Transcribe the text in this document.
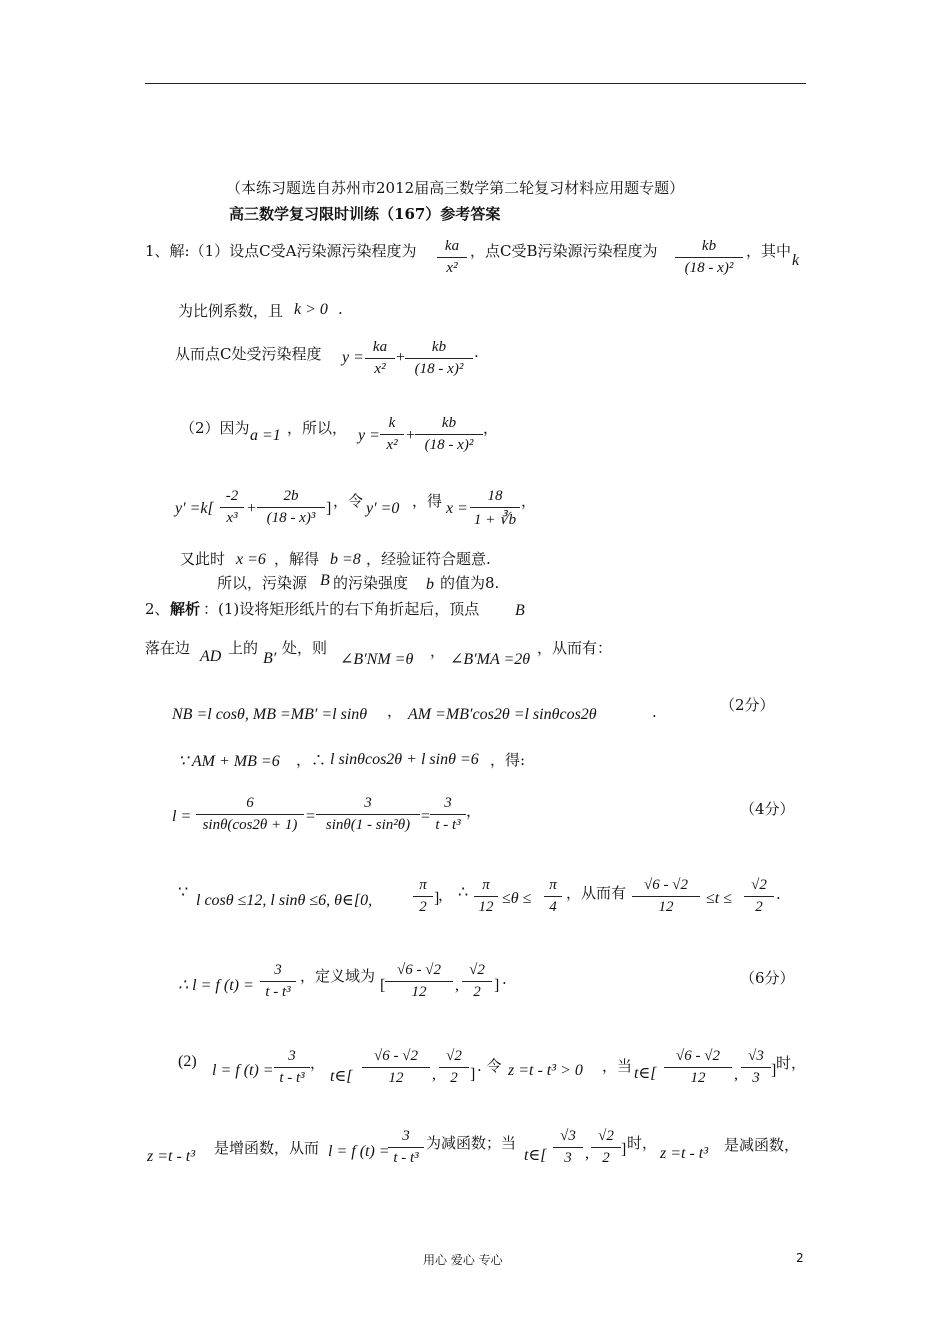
（本练习题选自苏州市2012届高三数学第二轮复习材料应用题专题）
高三数学复习限时训练（167）参考答案
1、解:（1）设点C受A污染源污染程度为 $\frac{ka}{\text{x²}}$ ，点C受B污染源污染程度为 $\frac{kb}{\text{(18 - x)²}}$ ，其中
k
为比例系数，且 k > 0 .
从而点C处受污染程度 $y = \frac{ka}{\text{x²}} + \frac{kb}{\text{(18 - x)²}}$ .
（2）因为 a =1 ，所以， $y = \frac{k}{\text{x²}} + \frac{kb}{\text{(18 - x)²}}$ ，
$y' =k[ \frac{-2}{\text{x³}} + \frac{2b}{\text{(18 - x)³}}$ ] ，令 y′ =0 ，得 $x = \frac{18}{1 + ∛b}$ ，
又此时 x =6 ，解得 b =8 ，经验证符合题意.
所以，污染源 B 的污染强度 b 的值为8.
2、 解析 ：(1)设将矩形纸片的右下角折起后，顶点 B
落在边 AD 上的
B′
处，则
∠B′NM =θ ， ∠B′MA =2θ
，从而有：
NB =l cosθ, MB =MB′ =l sinθ ， AM =MB′cos2θ =l sinθcos2θ	.	（2分）
∵ AM + MB =6 ，∴ l sinθcos2θ + l sinθ =6 ，得:
$l = \frac{6}{\sin\theta(\cos 2\theta + 1)} = \frac{3}{\text{sinθ(1 - sin²θ)}} = \frac{3}{\text{t - t³}}$ ，	（4分）
∵ l cosθ ≤12, l sinθ ≤6, θ∈[0,	$\frac{\pi}{2}$ ]
， ∴ $\frac{\pi}{12} \le\theta \le \frac{\pi}{4}$ ，从而有 $\frac{√6 - √2}{12} \le t \le \frac{√2}{2}$ .
∴ l = f $(t) = \frac{3}{\text{t - t³}}$ ，定义域为
[ $\frac{√6 - √2}{12}$ , $\frac{√2}{2}$ ] .	（6分）
(2)
l = f $(t) = \frac{3}{\text{t - t³}}$ ，
t∈[ $\frac{√6 - √2}{12}$ , $\frac{√2}{2}$ ] . 令 z =t - t³ > 0 ，当 t∈[ $\frac{√6 - √2}{12}$ , $\frac{√3}{3}$ ] 时，
z =t - t³ 是增函数，从而 l = f (t) =
$\frac{3}{\text{t - t³}}$ 为减函数；当
t∈[ $\frac{√3}{3}$ , $\frac{√2}{2}$ ] 时，
z =t - t³ 是减函数，
用心 爱心 专心	2
